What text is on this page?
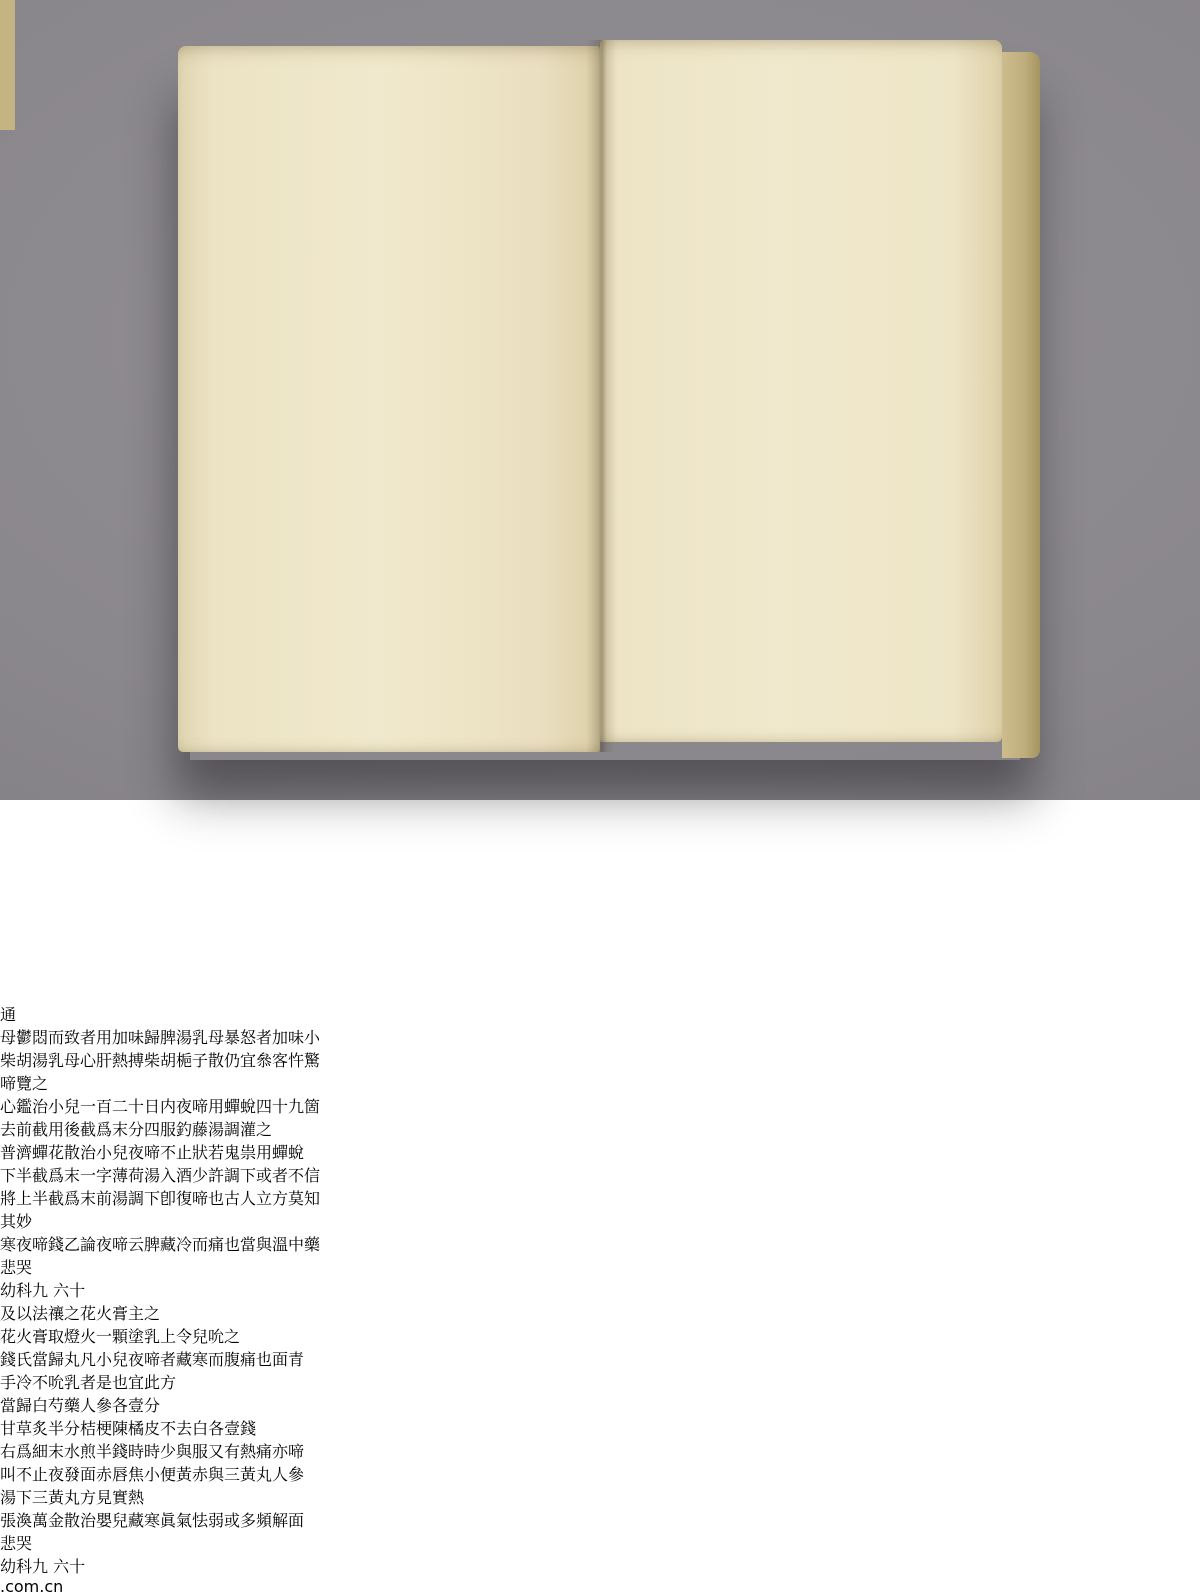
通
母鬱悶而致者用加味歸脾湯乳母暴怒者加味小
柴胡湯乳母心肝熱搏柴胡梔子散仍宜叅客忤驚
啼覽之
心鑑治小兒一百二十日内夜啼用蟬蛻四十九箇
去前截用後截爲末分四服釣藤湯調灌之
普濟蟬花散治小兒夜啼不止狀若鬼祟用蟬蛻
下半截爲末一字薄荷湯入酒少許調下或者不信
將上半截爲末前湯調下卽復啼也古人立方莫知
其妙
寒夜啼錢乙論夜啼云脾藏冷而痛也當與溫中藥
悲哭
幼科九 六十
及以法禳之花火膏主之
花火膏取燈火一顆塗乳上令兒吮之
錢氏當歸丸凡小兒夜啼者藏寒而腹痛也面青
手冷不吮乳者是也宜此方
當歸白芍藥人參各壹分
甘草炙半分桔梗陳橘皮不去白各壹錢
右爲細末水煎半錢時時少與服又有熱痛亦啼
叫不止夜發面赤唇焦小便黃赤與三黃丸人參
湯下三黃丸方見實熱
張渙萬金散治嬰兒藏寒眞氣怯弱或多頻解面
悲哭
幼科九 六十
.com.cn
